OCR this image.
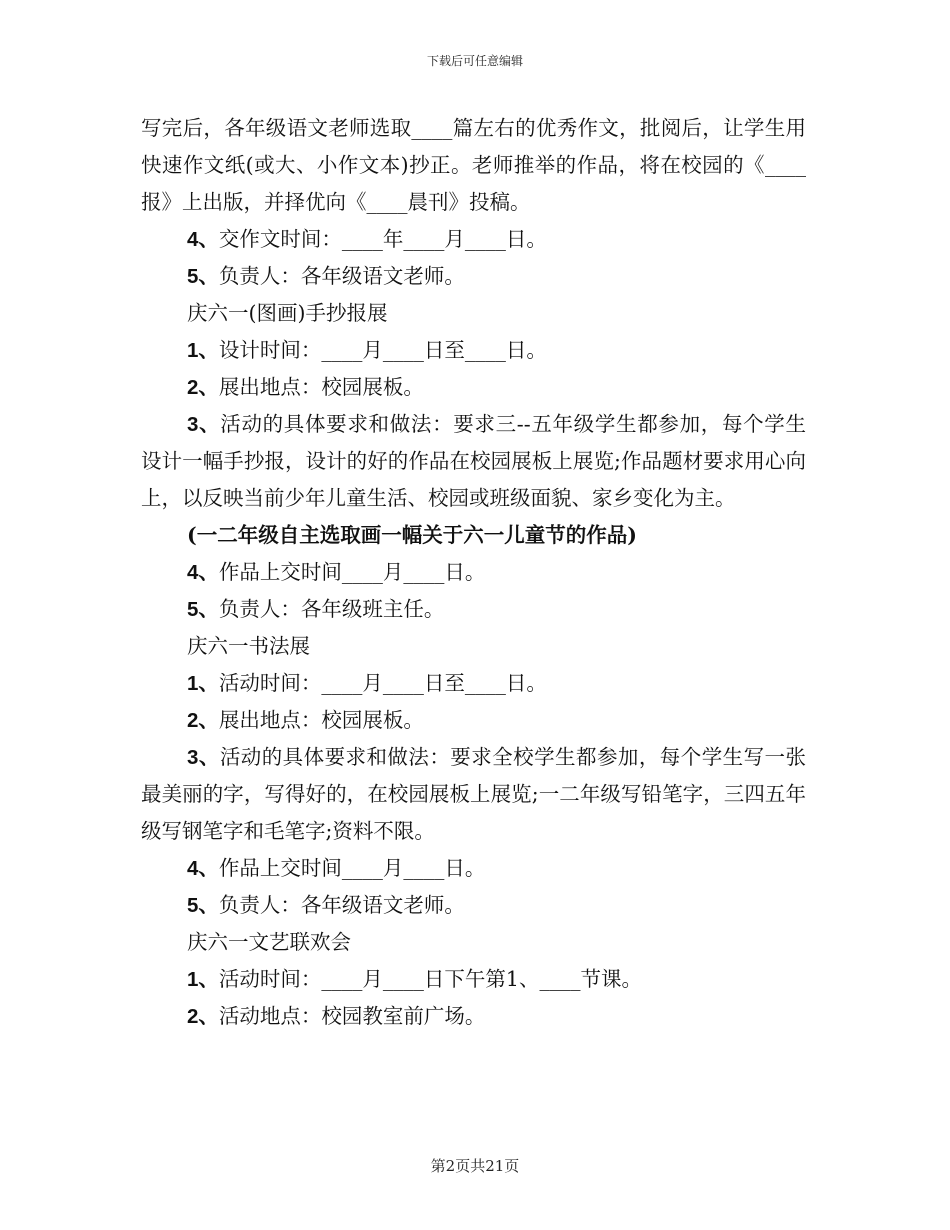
下载后可任意编辑
写完后，各年级语文老师选取____篇左右的优秀作文，批阅后，让学生用快速作文纸(或大、小作文本)抄正。老师推举的作品，将在校园的《____报》上出版，并择优向《____晨刊》投稿。
4、交作文时间：____年____月____日。
5、负责人：各年级语文老师。
庆六一(图画)手抄报展
1、设计时间：____月____日至____日。
2、展出地点：校园展板。
3、活动的具体要求和做法：要求三--五年级学生都参加，每个学生设计一幅手抄报，设计的好的作品在校园展板上展览;作品题材要求用心向上，以反映当前少年儿童生活、校园或班级面貌、家乡变化为主。
(一二年级自主选取画一幅关于六一儿童节的作品)
4、作品上交时间____月____日。
5、负责人：各年级班主任。
庆六一书法展
1、活动时间：____月____日至____日。
2、展出地点：校园展板。
3、活动的具体要求和做法：要求全校学生都参加，每个学生写一张最美丽的字，写得好的，在校园展板上展览;一二年级写铅笔字，三四五年级写钢笔字和毛笔字;资料不限。
4、作品上交时间____月____日。
5、负责人：各年级语文老师。
庆六一文艺联欢会
1、活动时间：____月____日下午第1、____节课。
2、活动地点：校园教室前广场。
第2页共21页
